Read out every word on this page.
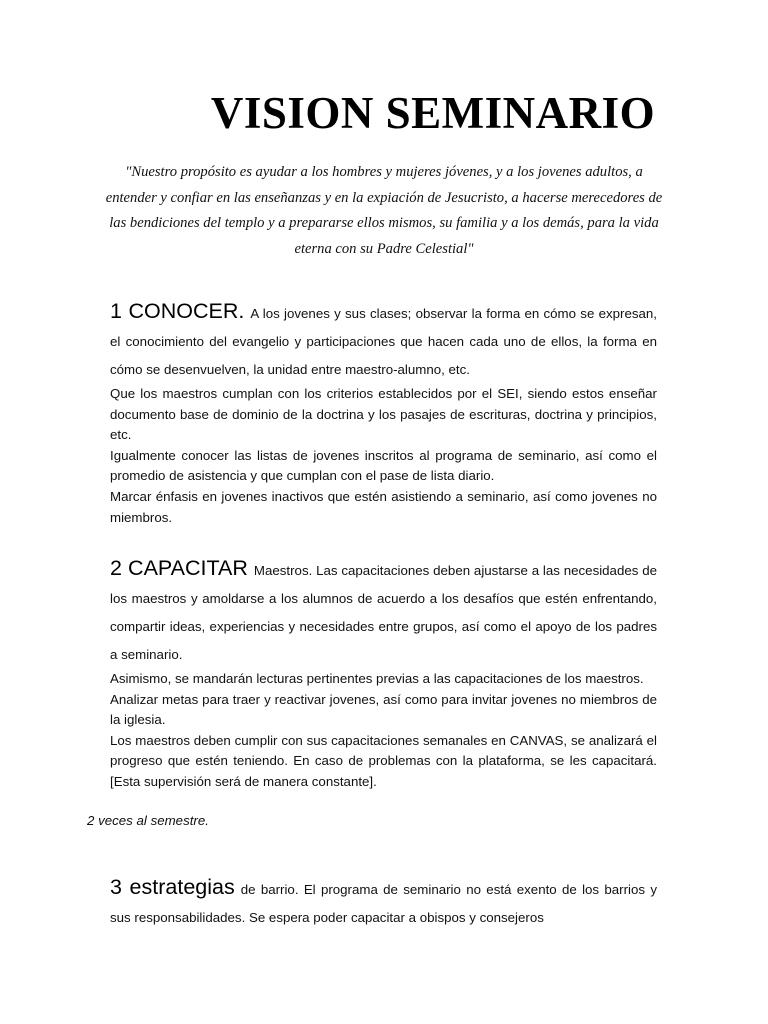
VISION SEMINARIO

"Nuestro propósito es ayudar a los hombres y mujeres jóvenes, y a los jovenes adultos, a entender y confiar en las enseñanzas y en la expiación de Jesucristo, a hacerse merecedores de las bendiciones del templo y a prepararse ellos mismos, su familia y a los demás, para la vida eterna con su Padre Celestial"

1 CONOCER. A los jovenes y sus clases; observar la forma en cómo se expresan, el conocimiento del evangelio y participaciones que hacen cada uno de ellos, la forma en cómo se desenvuelven, la unidad entre maestro-alumno, etc.

Que los maestros cumplan con los criterios establecidos por el SEI, siendo estos enseñar documento base de dominio de la doctrina y los pasajes de escrituras, doctrina y principios, etc.

Igualmente conocer las listas de jovenes inscritos al programa de seminario, así como el promedio de asistencia y que cumplan con el pase de lista diario.

Marcar énfasis en jovenes inactivos que estén asistiendo a seminario, así como jovenes no miembros.

2 CAPACITAR Maestros. Las capacitaciones deben ajustarse a las necesidades de los maestros y amoldarse a los alumnos de acuerdo a los desafíos que estén enfrentando, compartir ideas, experiencias y necesidades entre grupos, así como el apoyo de los padres a seminario.

Asimismo, se mandarán lecturas pertinentes previas a las capacitaciones de los maestros.

Analizar metas para traer y reactivar jovenes, así como para invitar jovenes no miembros de la iglesia.

Los maestros deben cumplir con sus capacitaciones semanales en CANVAS, se analizará el progreso que estén teniendo. En caso de problemas con la plataforma, se les capacitará. [Esta supervisión será de manera constante].

2 veces al semestre.

3 estrategias de barrio. El programa de seminario no está exento de los barrios y sus responsabilidades. Se espera poder capacitar a obispos y consejeros
